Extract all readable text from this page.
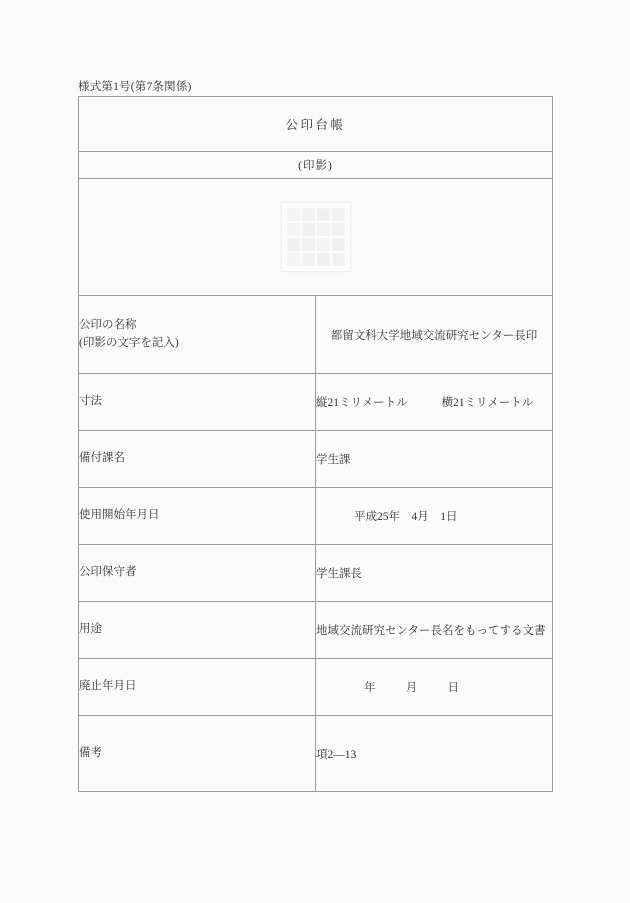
様式第1号(第7条関係)
公印台帳	
(印影)	

公印の名称
(印影の文字を記入)	都留文科大学地域交流研究センター長印
寸法	縦21ミリメートル 横21ミリメートル
備付課名	学生課
使用開始年月日	平成25年　4月　1日
公印保守者	学生課長
用途	地域交流研究センター長名をもってする文書
廃止年月日	年 月 日
備考	項2—13
